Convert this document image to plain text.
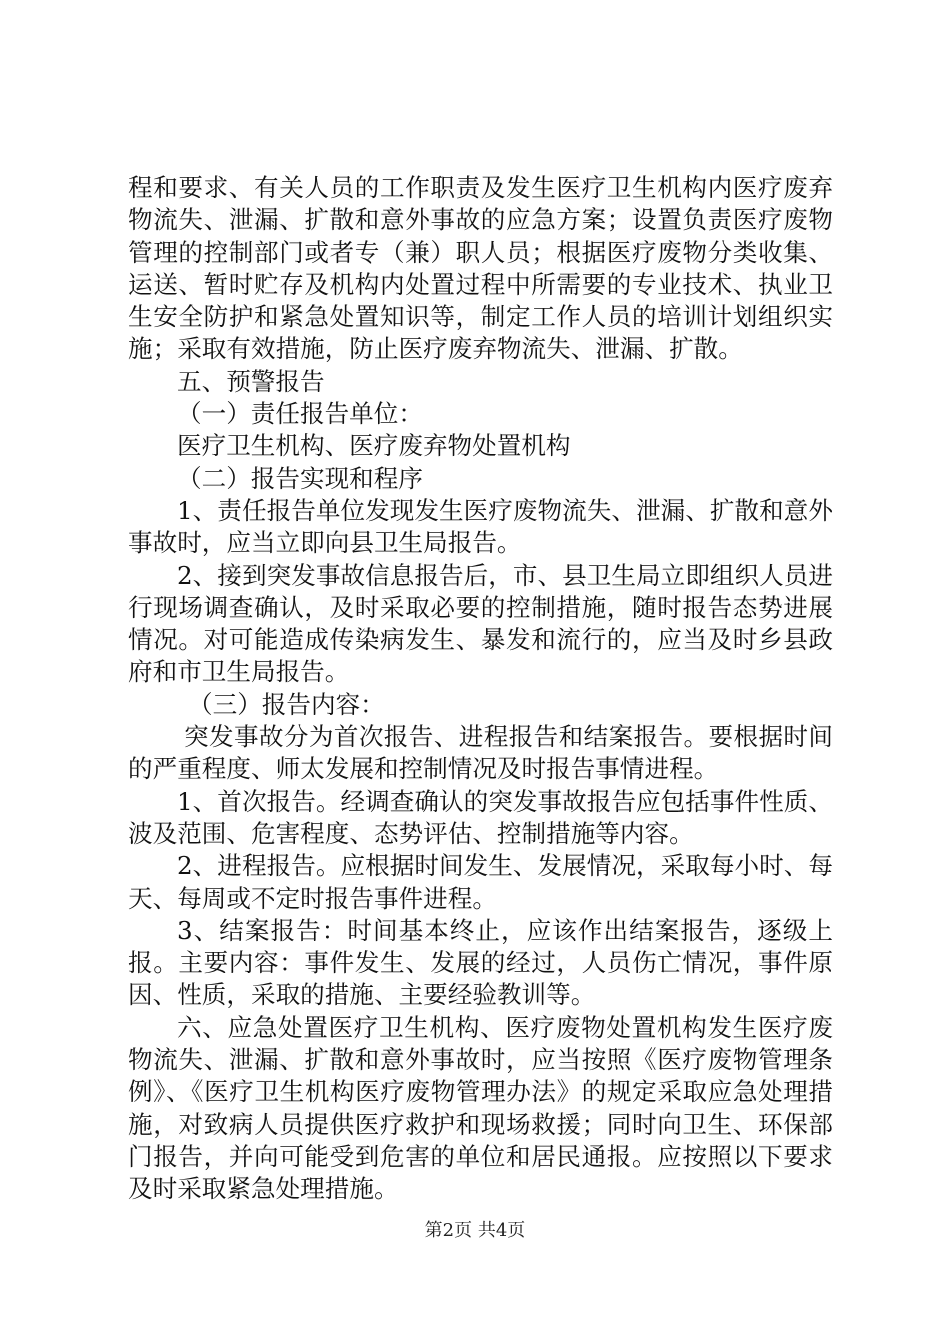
程和要求、有关人员的工作职责及发生医疗卫生机构内医疗废弃物流失、泄漏、扩散和意外事故的应急方案；设置负责医疗废物管理的控制部门或者专（兼）职人员；根据医疗废物分类收集、运送、暂时贮存及机构内处置过程中所需要的专业技术、执业卫生安全防护和紧急处置知识等，制定工作人员的培训计划组织实施；采取有效措施，防止医疗废弃物流失、泄漏、扩散。

五、预警报告

（一）责任报告单位：

医疗卫生机构、医疗废弃物处置机构

（二）报告实现和程序

1、责任报告单位发现发生医疗废物流失、泄漏、扩散和意外事故时，应当立即向县卫生局报告。

2、接到突发事故信息报告后，市、县卫生局立即组织人员进行现场调查确认，及时采取必要的控制措施，随时报告态势进展情况。对可能造成传染病发生、暴发和流行的，应当及时乡县政府和市卫生局报告。

（三）报告内容：

突发事故分为首次报告、进程报告和结案报告。要根据时间的严重程度、师太发展和控制情况及时报告事情进程。

1、首次报告。经调查确认的突发事故报告应包括事件性质、波及范围、危害程度、态势评估、控制措施等内容。

2、进程报告。应根据时间发生、发展情况，采取每小时、每天、每周或不定时报告事件进程。

3、结案报告：时间基本终止，应该作出结案报告，逐级上报。主要内容：事件发生、发展的经过，人员伤亡情况，事件原因、性质，采取的措施、主要经验教训等。

六、应急处置医疗卫生机构、医疗废物处置机构发生医疗废物流失、泄漏、扩散和意外事故时，应当按照《医疗废物管理条例》、《医疗卫生机构医疗废物管理办法》的规定采取应急处理措施，对致病人员提供医疗救护和现场救援；同时向卫生、环保部门报告，并向可能受到危害的单位和居民通报。应按照以下要求及时采取紧急处理措施。

第2页 共4页
